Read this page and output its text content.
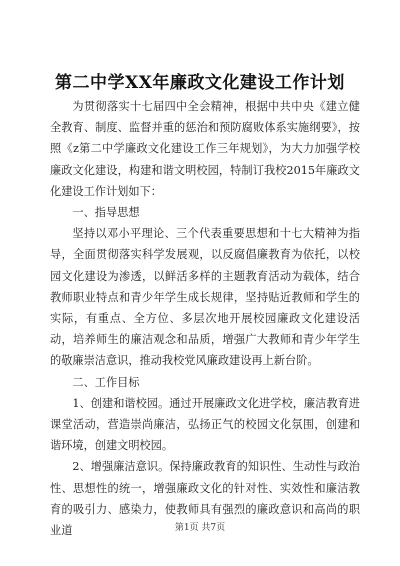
第二中学XX年廉政文化建设工作计划

为贯彻落实十七届四中全会精神，根据中共中央《建立健全教育、制度、监督并重的惩治和预防腐败体系实施纲要》，按照《z第二中学廉政文化建设工作三年规划》，为大力加强学校廉政文化建设，构建和谐文明校园，特制订我校2015年廉政文化建设工作计划如下：

一、指导思想

坚持以邓小平理论、三个代表重要思想和十七大精神为指导，全面贯彻落实科学发展观，以反腐倡廉教育为依托，以校园文化建设为渗透，以鲜活多样的主题教育活动为载体，结合教师职业特点和青少年学生成长规律，坚持贴近教师和学生的实际，有重点、全方位、多层次地开展校园廉政文化建设活动，培养师生的廉洁观念和品质，增强广大教师和青少年学生的敬廉崇洁意识，推动我校党风廉政建设再上新台阶。

二、工作目标

1、创建和谐校园。通过开展廉政文化进学校，廉洁教育进课堂活动，营造崇尚廉洁，弘扬正气的校园文化氛围，创建和谐环境，创建文明校园。

2、增强廉洁意识。保持廉政教育的知识性、生动性与政治性、思想性的统一，增强廉政文化的针对性、实效性和廉洁教育的吸引力、感染力，使教师具有强烈的廉政意识和高尚的职业道	第1页 共7页
